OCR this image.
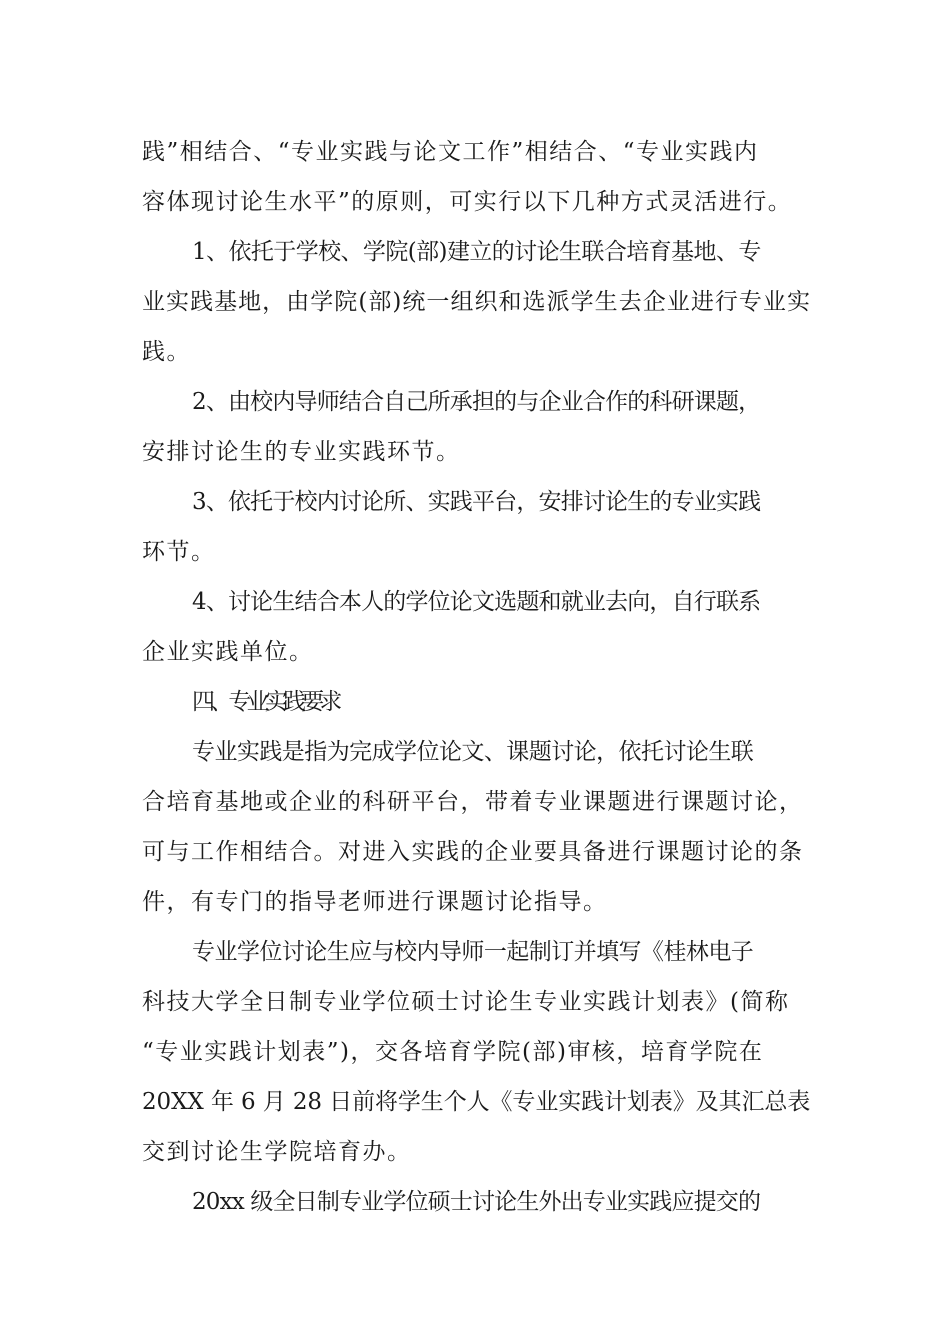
践”相结合、“专业实践与论文工作”相结合、“专业实践内
容体现讨论生水平”的原则，可实行以下几种方式灵活进行。

1、依托于学校、学院(部)建立的讨论生联合培育基地、专
业实践基地，由学院(部)统一组织和选派学生去企业进行专业实
践。

2、由校内导师结合自己所承担的与企业合作的科研课题，
安排讨论生的专业实践环节。

3、依托于校内讨论所、实践平台，安排讨论生的专业实践
环节。

4、讨论生结合本人的学位论文选题和就业去向，自行联系
企业实践单位。

四、专业实践要求

专业实践是指为完成学位论文、课题讨论，依托讨论生联
合培育基地或企业的科研平台，带着专业课题进行课题讨论，
可与工作相结合。对进入实践的企业要具备进行课题讨论的条
件，有专门的指导老师进行课题讨论指导。

专业学位讨论生应与校内导师一起制订并填写《桂林电子
科技大学全日制专业学位硕士讨论生专业实践计划表》(简称
“专业实践计划表”)，交各培育学院(部)审核，培育学院在
20XX 年 6 月 28 日前将学生个人《专业实践计划表》及其汇总表
交到讨论生学院培育办。

20xx 级全日制专业学位硕士讨论生外出专业实践应提交的
